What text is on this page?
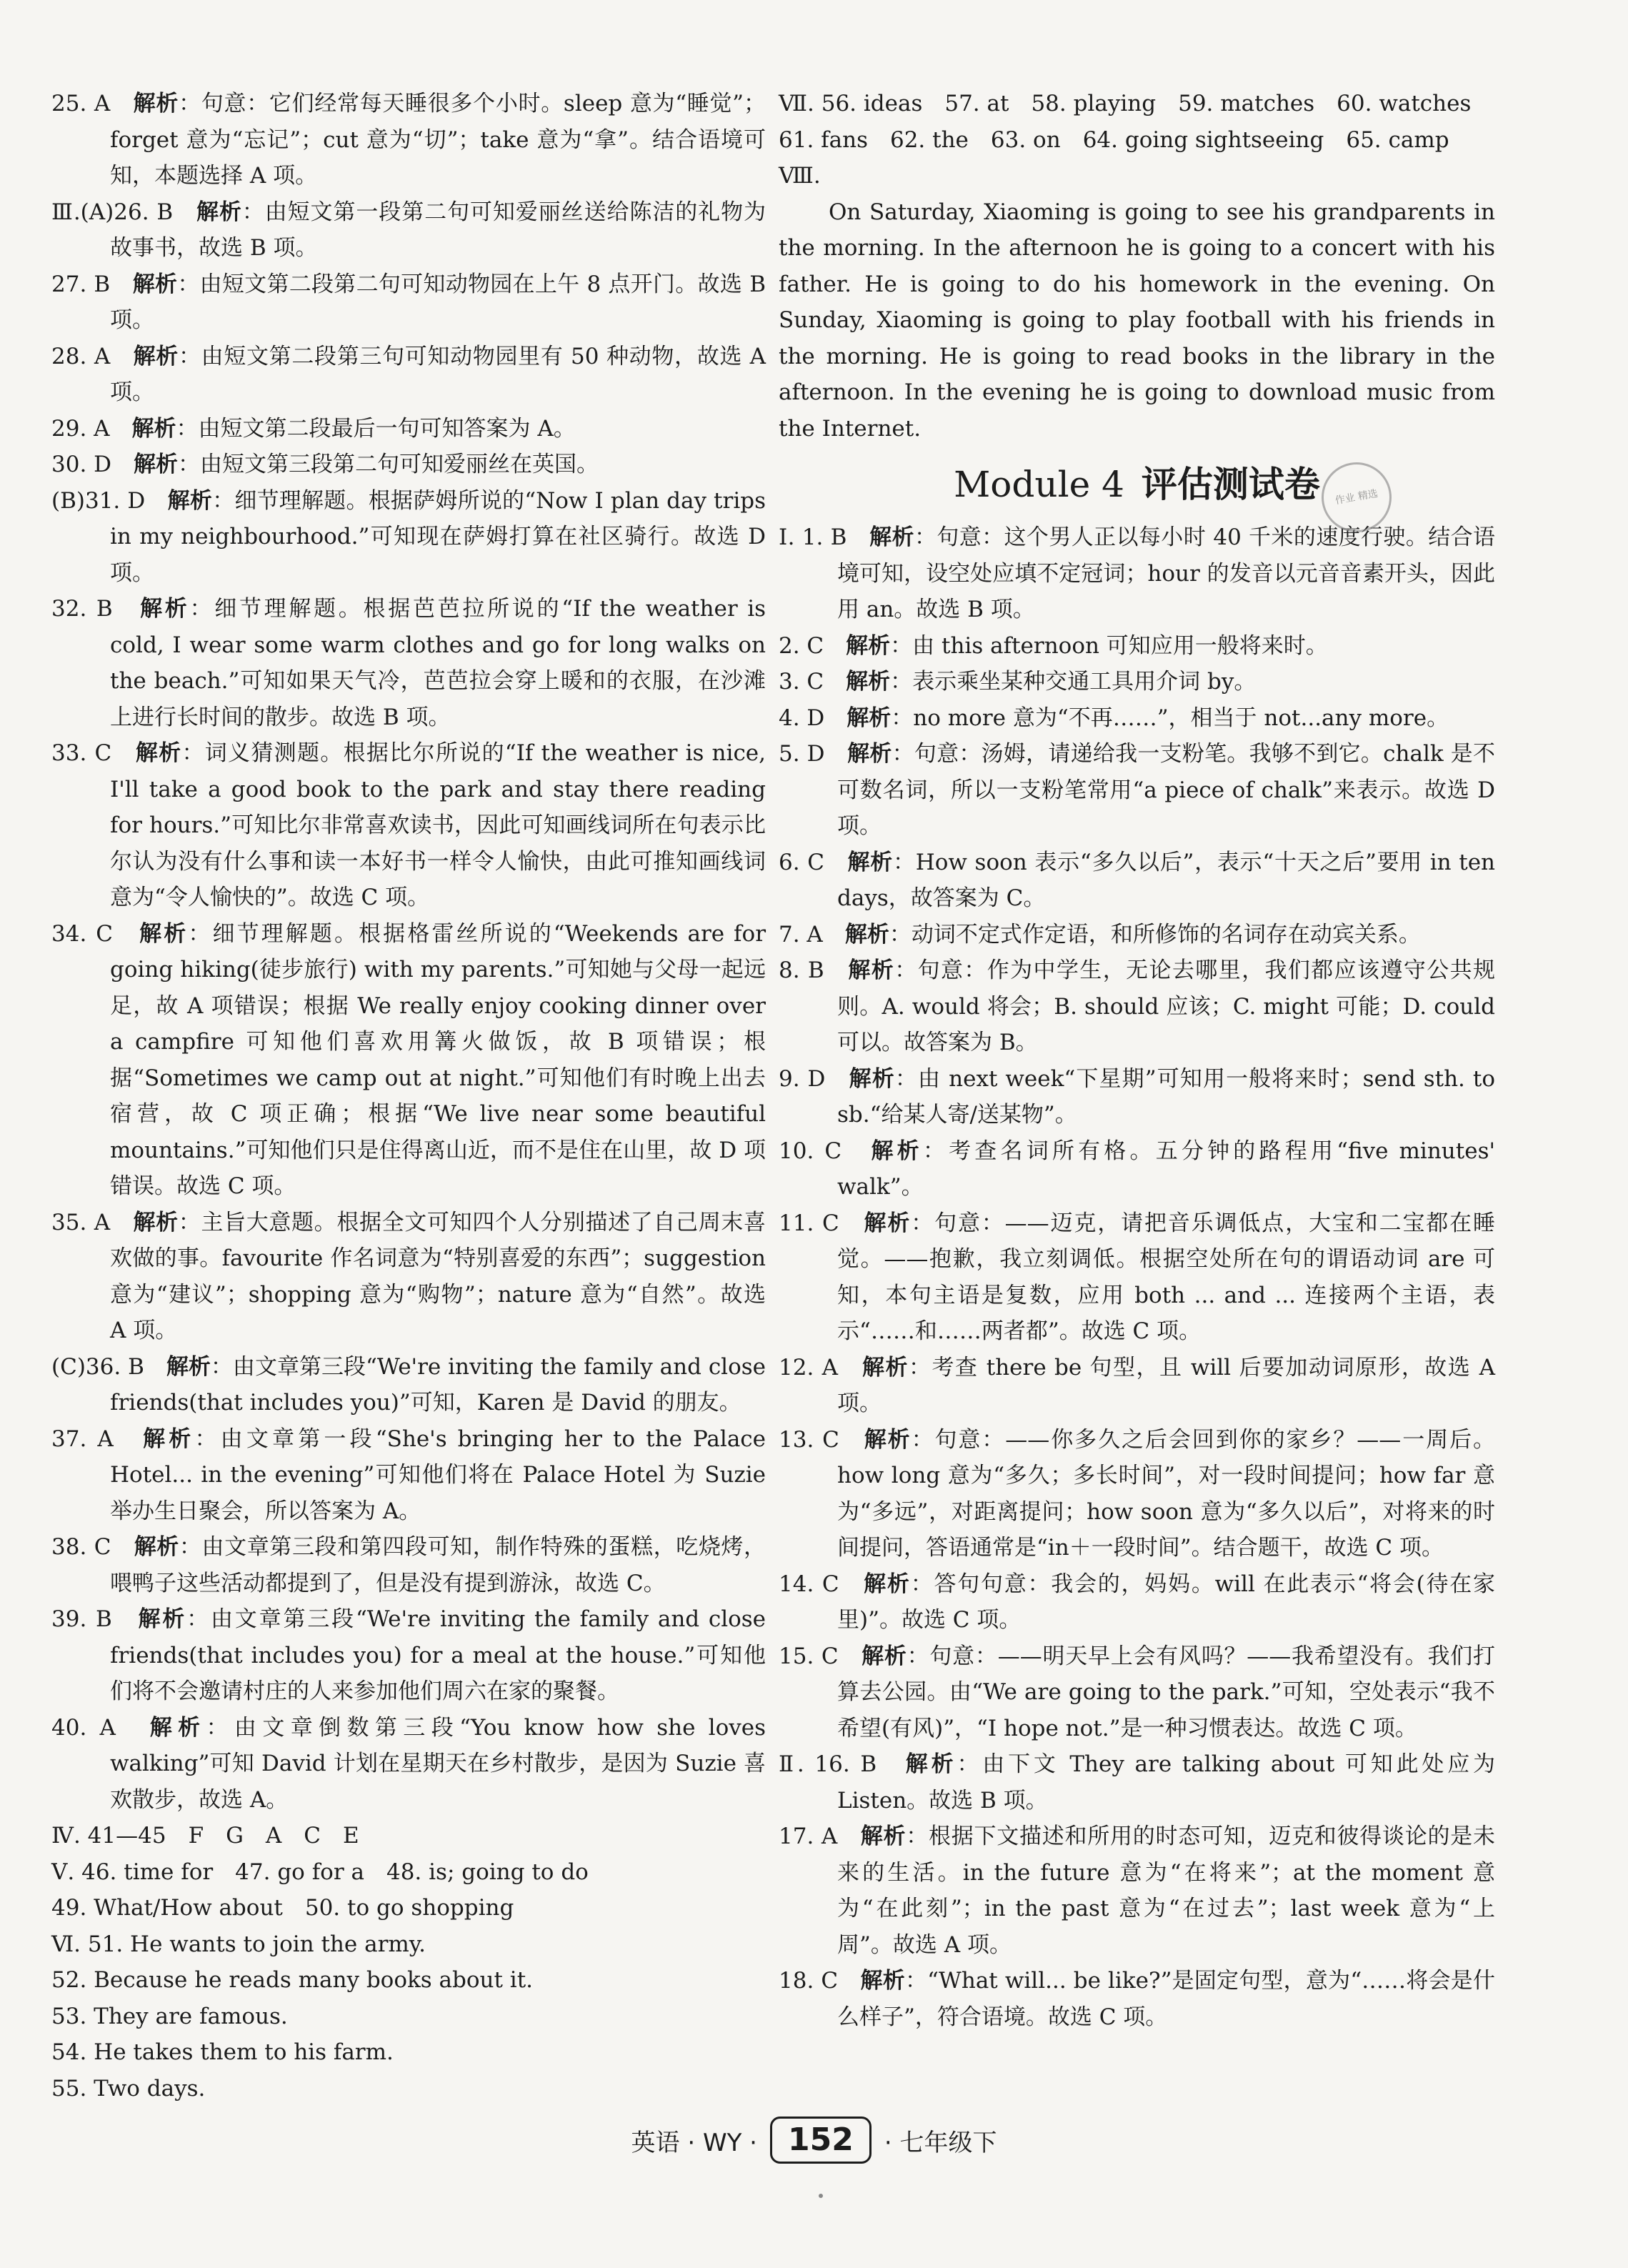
25. A　 解析：句意：它们经常每天睡很多个小时。sleep 意为“睡觉”；forget 意为“忘记”；cut 意为“切”；take 意为“拿”。结合语境可知，本题选择 A 项。
Ⅲ.(A)26. B　 解析：由短文第一段第二句可知爱丽丝送给陈洁的礼物为故事书，故选 B 项。
27. B　 解析：由短文第二段第二句可知动物园在上午 8 点开门。故选 B 项。
28. A　 解析：由短文第二段第三句可知动物园里有 50 种动物，故选 A 项。
29. A　 解析：由短文第二段最后一句可知答案为 A。
30. D　 解析：由短文第三段第二句可知爱丽丝在英国。
(B)31. D　 解析：细节理解题。根据萨姆所说的“Now I plan day trips in my neighbourhood.”可知现在萨姆打算在社区骑行。故选 D 项。
32. B　 解析：细节理解题。根据芭芭拉所说的“If the weather is cold, I wear some warm clothes and go for long walks on the beach.”可知如果天气冷，芭芭拉会穿上暖和的衣服，在沙滩上进行长时间的散步。故选 B 项。
33. C　 解析：词义猜测题。根据比尔所说的“If the weather is nice, I'll take a good book to the park and stay there reading for hours.”可知比尔非常喜欢读书，因此可知画线词所在句表示比尔认为没有什么事和读一本好书一样令人愉快，由此可推知画线词意为“令人愉快的”。故选 C 项。
34. C　 解析：细节理解题。根据格雷丝所说的“Weekends are for going hiking(徒步旅行) with my parents.”可知她与父母一起远足，故 A 项错误；根据 We really enjoy cooking dinner over a campfire 可知他们喜欢用篝火做饭，故 B 项错误；根据“Sometimes we camp out at night.”可知他们有时晚上出去宿营，故 C 项正确；根据“We live near some beautiful mountains.”可知他们只是住得离山近，而不是住在山里，故 D 项错误。故选 C 项。
35. A　 解析：主旨大意题。根据全文可知四个人分别描述了自己周末喜欢做的事。favourite 作名词意为“特别喜爱的东西”；suggestion 意为“建议”；shopping 意为“购物”；nature 意为“自然”。故选 A 项。
(C)36. B　 解析：由文章第三段“We're inviting the family and close friends(that includes you)”可知，Karen 是 David 的朋友。
37. A　 解析：由文章第一段“She's bringing her to the Palace Hotel... in the evening”可知他们将在 Palace Hotel 为 Suzie 举办生日聚会，所以答案为 A。
38. C　 解析：由文章第三段和第四段可知，制作特殊的蛋糕，吃烧烤，喂鸭子这些活动都提到了，但是没有提到游泳，故选 C。
39. B　 解析：由文章第三段“We're inviting the family and close friends(that includes you) for a meal at the house.”可知他们将不会邀请村庄的人来参加他们周六在家的聚餐。
40. A　 解析：由文章倒数第三段“You know how she loves walking”可知 David 计划在星期天在乡村散步，是因为 Suzie 喜欢散步，故选 A。
Ⅳ. 41—45　F　G　A　C　E
Ⅴ. 46. time for　47. go for a　48. is; going to do
49. What/How about　50. to go shopping
Ⅵ. 51. He wants to join the army.
52. Because he reads many books about it.
53. They are famous.
54. He takes them to his farm.
55. Two days.
Ⅶ. 56. ideas　57. at　58. playing　59. matches　60. watches
61. fans　62. the　63. on　64. going sightseeing　65. camp
Ⅷ.
On Saturday, Xiaoming is going to see his grandparents in the morning. In the afternoon he is going to a concert with his father. He is going to do his homework in the evening. On Sunday, Xiaoming is going to play football with his friends in the morning. He is going to read books in the library in the afternoon. In the evening he is going to download music from the Internet.
Module 4 评估测试卷 作业 精选
Ⅰ. 1. B　 解析：句意：这个男人正以每小时 40 千米的速度行驶。结合语境可知，设空处应填不定冠词；hour 的发音以元音音素开头，因此用 an。故选 B 项。
2. C　 解析：由 this afternoon 可知应用一般将来时。
3. C　 解析：表示乘坐某种交通工具用介词 by。
4. D　 解析：no more 意为“不再……”，相当于 not...any more。
5. D　 解析：句意：汤姆，请递给我一支粉笔。我够不到它。chalk 是不可数名词，所以一支粉笔常用“a piece of chalk”来表示。故选 D 项。
6. C　 解析：How soon 表示“多久以后”，表示“十天之后”要用 in ten days，故答案为 C。
7. A　 解析：动词不定式作定语，和所修饰的名词存在动宾关系。
8. B　 解析：句意：作为中学生，无论去哪里，我们都应该遵守公共规则。A. would 将会；B. should 应该；C. might 可能；D. could 可以。故答案为 B。
9. D　 解析：由 next week“下星期”可知用一般将来时；send sth. to sb.“给某人寄/送某物”。
10. C　 解析：考查名词所有格。五分钟的路程用“five minutes' walk”。
11. C　 解析：句意：——迈克，请把音乐调低点，大宝和二宝都在睡觉。——抱歉，我立刻调低。根据空处所在句的谓语动词 are 可知，本句主语是复数，应用 both ... and ... 连接两个主语，表示“……和……两者都”。故选 C 项。
12. A　 解析：考查 there be 句型，且 will 后要加动词原形，故选 A 项。
13. C　 解析：句意：——你多久之后会回到你的家乡？——一周后。how long 意为“多久；多长时间”，对一段时间提问；how far 意为“多远”，对距离提问；how soon 意为“多久以后”，对将来的时间提问，答语通常是“in＋一段时间”。结合题干，故选 C 项。
14. C　 解析：答句句意：我会的，妈妈。will 在此表示“将会(待在家里)”。故选 C 项。
15. C　 解析：句意：——明天早上会有风吗？——我希望没有。我们打算去公园。由“We are going to the park.”可知，空处表示“我不希望(有风)”，“I hope not.”是一种习惯表达。故选 C 项。
Ⅱ. 16. B　 解析：由下文 They are talking about 可知此处应为 Listen。故选 B 项。
17. A　 解析：根据下文描述和所用的时态可知，迈克和彼得谈论的是未来的生活。in the future 意为“在将来”；at the moment 意为“在此刻”；in the past 意为“在过去”；last week 意为“上周”。故选 A 项。
18. C　 解析：“What will... be like?”是固定句型，意为“……将会是什么样子”，符合语境。故选 C 项。
英语 · WY · 152	· 七年级下
